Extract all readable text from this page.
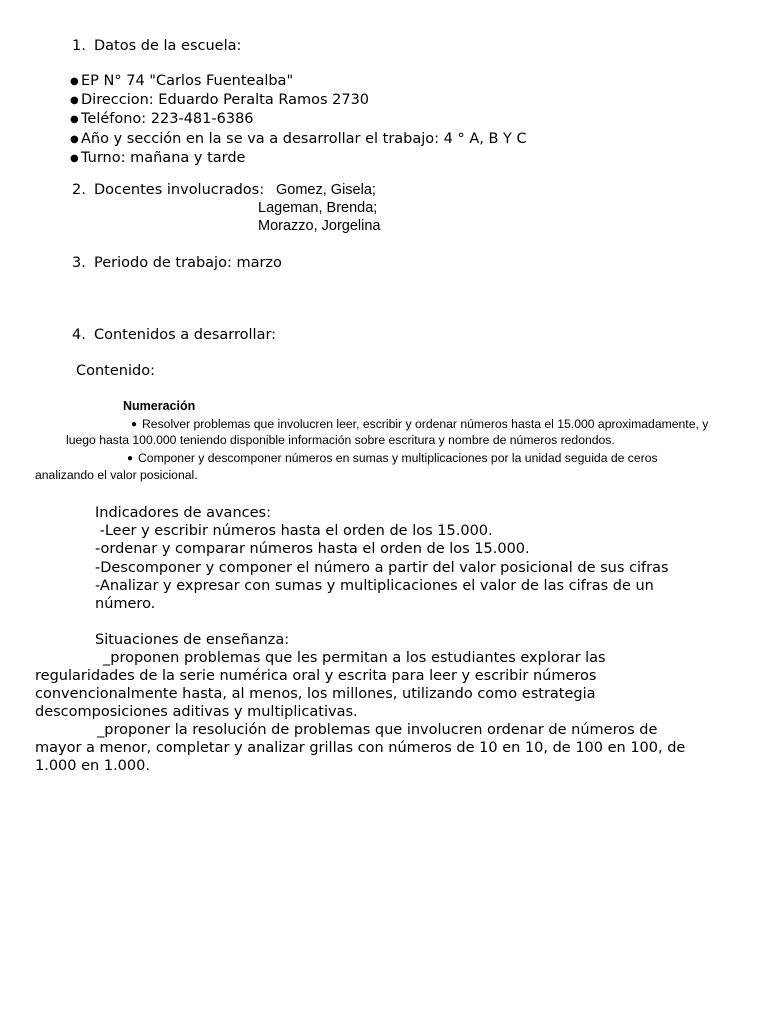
1. Datos de la escuela:
● EP N° 74 "Carlos Fuentealba"
● Direccion: Eduardo Peralta Ramos 2730
● Teléfono: 223-481-6386
● Año y sección en la se va a desarrollar el trabajo: 4 ° A, B Y C
● Turno: mañana y tarde
2. Docentes involucrados: Gomez, Gisela;
Lageman, Brenda;
Morazzo, Jorgelina
3. Periodo de trabajo: marzo
4. Contenidos a desarrollar:
Contenido:
Numeración
● Resolver problemas que involucren leer, escribir y ordenar números hasta el 15.000 aproximadamente, y
luego hasta 100.000 teniendo disponible información sobre escritura y nombre de números redondos.
● Componer y descomponer números en sumas y multiplicaciones por la unidad seguida de ceros
analizando el valor posicional.
Indicadores de avances:
-Leer y escribir números hasta el orden de los 15.000.
-ordenar y comparar números hasta el orden de los 15.000.
-Descomponer y componer el número a partir del valor posicional de sus cifras
-Analizar y expresar con sumas y multiplicaciones el valor de las cifras de un
número.
Situaciones de enseñanza:
_proponen problemas que les permitan a los estudiantes explorar las
regularidades de la serie numérica oral y escrita para leer y escribir números
convencionalmente hasta, al menos, los millones, utilizando como estrategia
descomposiciones aditivas y multiplicativas.
_proponer la resolución de problemas que involucren ordenar de números de
mayor a menor, completar y analizar grillas con números de 10 en 10, de 100 en 100, de
1.000 en 1.000.
